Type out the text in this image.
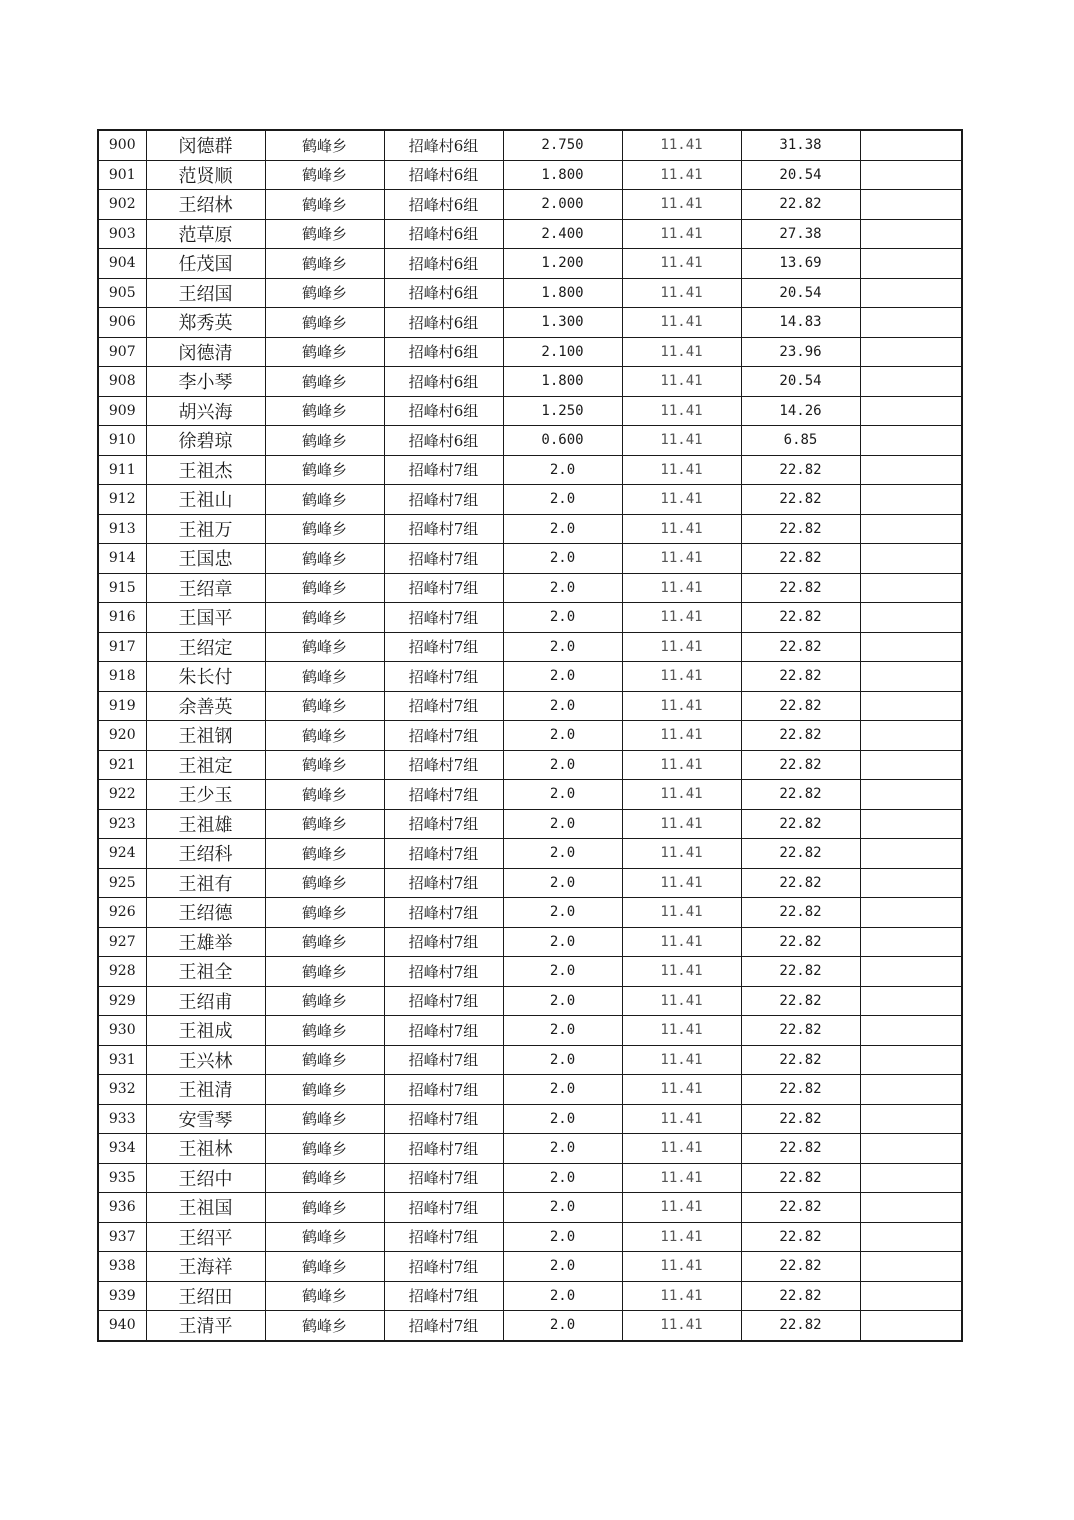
900	闵德群	鹤峰乡	招峰村6组	2.750	11.41	31.38	
901	范贤顺	鹤峰乡	招峰村6组	1.800	11.41	20.54	
902	王绍林	鹤峰乡	招峰村6组	2.000	11.41	22.82	
903	范草原	鹤峰乡	招峰村6组	2.400	11.41	27.38	
904	任茂国	鹤峰乡	招峰村6组	1.200	11.41	13.69	
905	王绍国	鹤峰乡	招峰村6组	1.800	11.41	20.54	
906	郑秀英	鹤峰乡	招峰村6组	1.300	11.41	14.83	
907	闵德清	鹤峰乡	招峰村6组	2.100	11.41	23.96	
908	李小琴	鹤峰乡	招峰村6组	1.800	11.41	20.54	
909	胡兴海	鹤峰乡	招峰村6组	1.250	11.41	14.26	
910	徐碧琼	鹤峰乡	招峰村6组	0.600	11.41	6.85	
911	王祖杰	鹤峰乡	招峰村7组	2.0	11.41	22.82	
912	王祖山	鹤峰乡	招峰村7组	2.0	11.41	22.82	
913	王祖万	鹤峰乡	招峰村7组	2.0	11.41	22.82	
914	王国忠	鹤峰乡	招峰村7组	2.0	11.41	22.82	
915	王绍章	鹤峰乡	招峰村7组	2.0	11.41	22.82	
916	王国平	鹤峰乡	招峰村7组	2.0	11.41	22.82	
917	王绍定	鹤峰乡	招峰村7组	2.0	11.41	22.82	
918	朱长付	鹤峰乡	招峰村7组	2.0	11.41	22.82	
919	余善英	鹤峰乡	招峰村7组	2.0	11.41	22.82	
920	王祖钢	鹤峰乡	招峰村7组	2.0	11.41	22.82	
921	王祖定	鹤峰乡	招峰村7组	2.0	11.41	22.82	
922	王少玉	鹤峰乡	招峰村7组	2.0	11.41	22.82	
923	王祖雄	鹤峰乡	招峰村7组	2.0	11.41	22.82	
924	王绍科	鹤峰乡	招峰村7组	2.0	11.41	22.82	
925	王祖有	鹤峰乡	招峰村7组	2.0	11.41	22.82	
926	王绍德	鹤峰乡	招峰村7组	2.0	11.41	22.82	
927	王雄举	鹤峰乡	招峰村7组	2.0	11.41	22.82	
928	王祖全	鹤峰乡	招峰村7组	2.0	11.41	22.82	
929	王绍甫	鹤峰乡	招峰村7组	2.0	11.41	22.82	
930	王祖成	鹤峰乡	招峰村7组	2.0	11.41	22.82	
931	王兴林	鹤峰乡	招峰村7组	2.0	11.41	22.82	
932	王祖清	鹤峰乡	招峰村7组	2.0	11.41	22.82	
933	安雪琴	鹤峰乡	招峰村7组	2.0	11.41	22.82	
934	王祖林	鹤峰乡	招峰村7组	2.0	11.41	22.82	
935	王绍中	鹤峰乡	招峰村7组	2.0	11.41	22.82	
936	王祖国	鹤峰乡	招峰村7组	2.0	11.41	22.82	
937	王绍平	鹤峰乡	招峰村7组	2.0	11.41	22.82	
938	王海祥	鹤峰乡	招峰村7组	2.0	11.41	22.82	
939	王绍田	鹤峰乡	招峰村7组	2.0	11.41	22.82	
940	王清平	鹤峰乡	招峰村7组	2.0	11.41	22.82	
